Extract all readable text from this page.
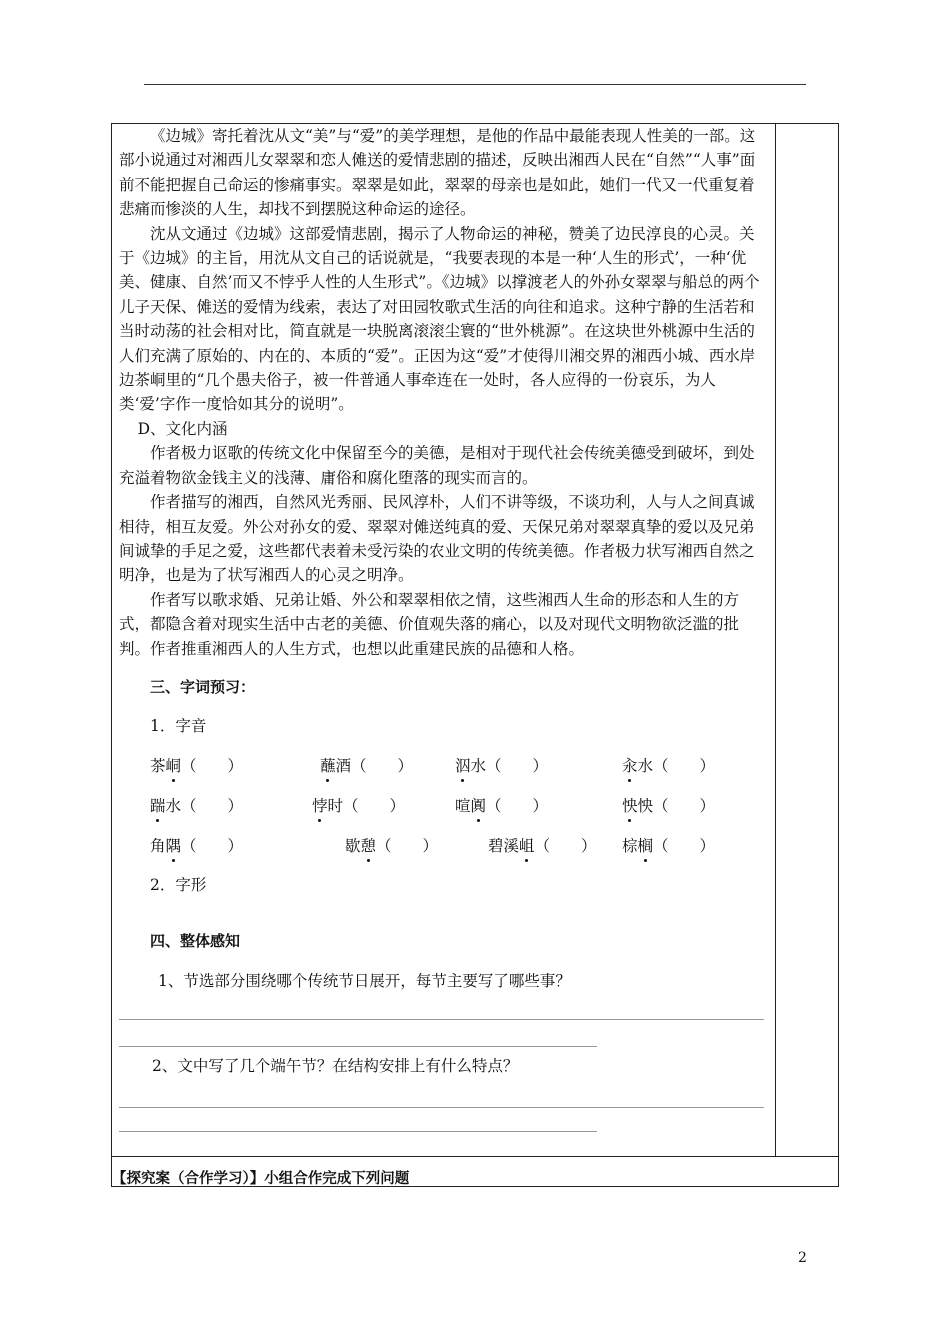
《边城》寄托着沈从文“美”与“爱”的美学理想，是他的作品中最能表现人性美的一部。这部小说通过对湘西儿女翠翠和恋人傩送的爱情悲剧的描述，反映出湘西人民在“自然”“人事”面前不能把握自己命运的惨痛事实。翠翠是如此，翠翠的母亲也是如此，她们一代又一代重复着悲痛而惨淡的人生，却找不到摆脱这种命运的途径。

沈从文通过《边城》这部爱情悲剧，揭示了人物命运的神秘，赞美了边民淳良的心灵。关于《边城》的主旨，用沈从文自己的话说就是，“我要表现的本是一种‘人生的形式’，一种‘优美、健康、自然’而又不悖乎人性的人生形式”。《边城》以撑渡老人的外孙女翠翠与船总的两个儿子天保、傩送的爱情为线索，表达了对田园牧歌式生活的向往和追求。这种宁静的生活若和当时动荡的社会相对比，简直就是一块脱离滚滚尘寰的“世外桃源”。在这块世外桃源中生活的人们充满了原始的、内在的、本质的“爱”。正因为这“爱”才使得川湘交界的湘西小城、西水岸边茶峒里的“几个愚夫俗子，被一件普通人事牵连在一处时，各人应得的一份哀乐，为人类‘爱’字作一度恰如其分的说明”。

D、文化内涵

作者极力讴歌的传统文化中保留至今的美德，是相对于现代社会传统美德受到破坏，到处充溢着物欲金钱主义的浅薄、庸俗和腐化堕落的现实而言的。

作者描写的湘西，自然风光秀丽、民风淳朴，人们不讲等级，不谈功利，人与人之间真诚相待，相互友爱。外公对孙女的爱、翠翠对傩送纯真的爱、天保兄弟对翠翠真挚的爱以及兄弟间诚挚的手足之爱，这些都代表着未受污染的农业文明的传统美德。作者极力状写湘西自然之明净，也是为了状写湘西人的心灵之明净。

作者写以歌求婚、兄弟让婚、外公和翠翠相依之情，这些湘西人生命的形态和人生的方式，都隐含着对现实生活中古老的美德、价值观失落的痛心，以及对现代文明物欲泛滥的批判。作者推重湘西人的人生方式，也想以此重建民族的品德和人格。

三、字词预习：
1．字音
茶峒（　　）	蘸酒（　　）	泅水（　　）	汆水（　　）
踹水（　　）	悖时（　　）	喧阗（　　）	怏怏（　　）
角隅（　　）	歇憩（　　）	碧溪岨（　　） 棕榈（　　）
2．字形
四、整体感知
1、节选部分围绕哪个传统节日展开，每节主要写了哪些事？
2、文中写了几个端午节？在结构安排上有什么特点？
【探究案（合作学习）】小组合作完成下列问题
2
